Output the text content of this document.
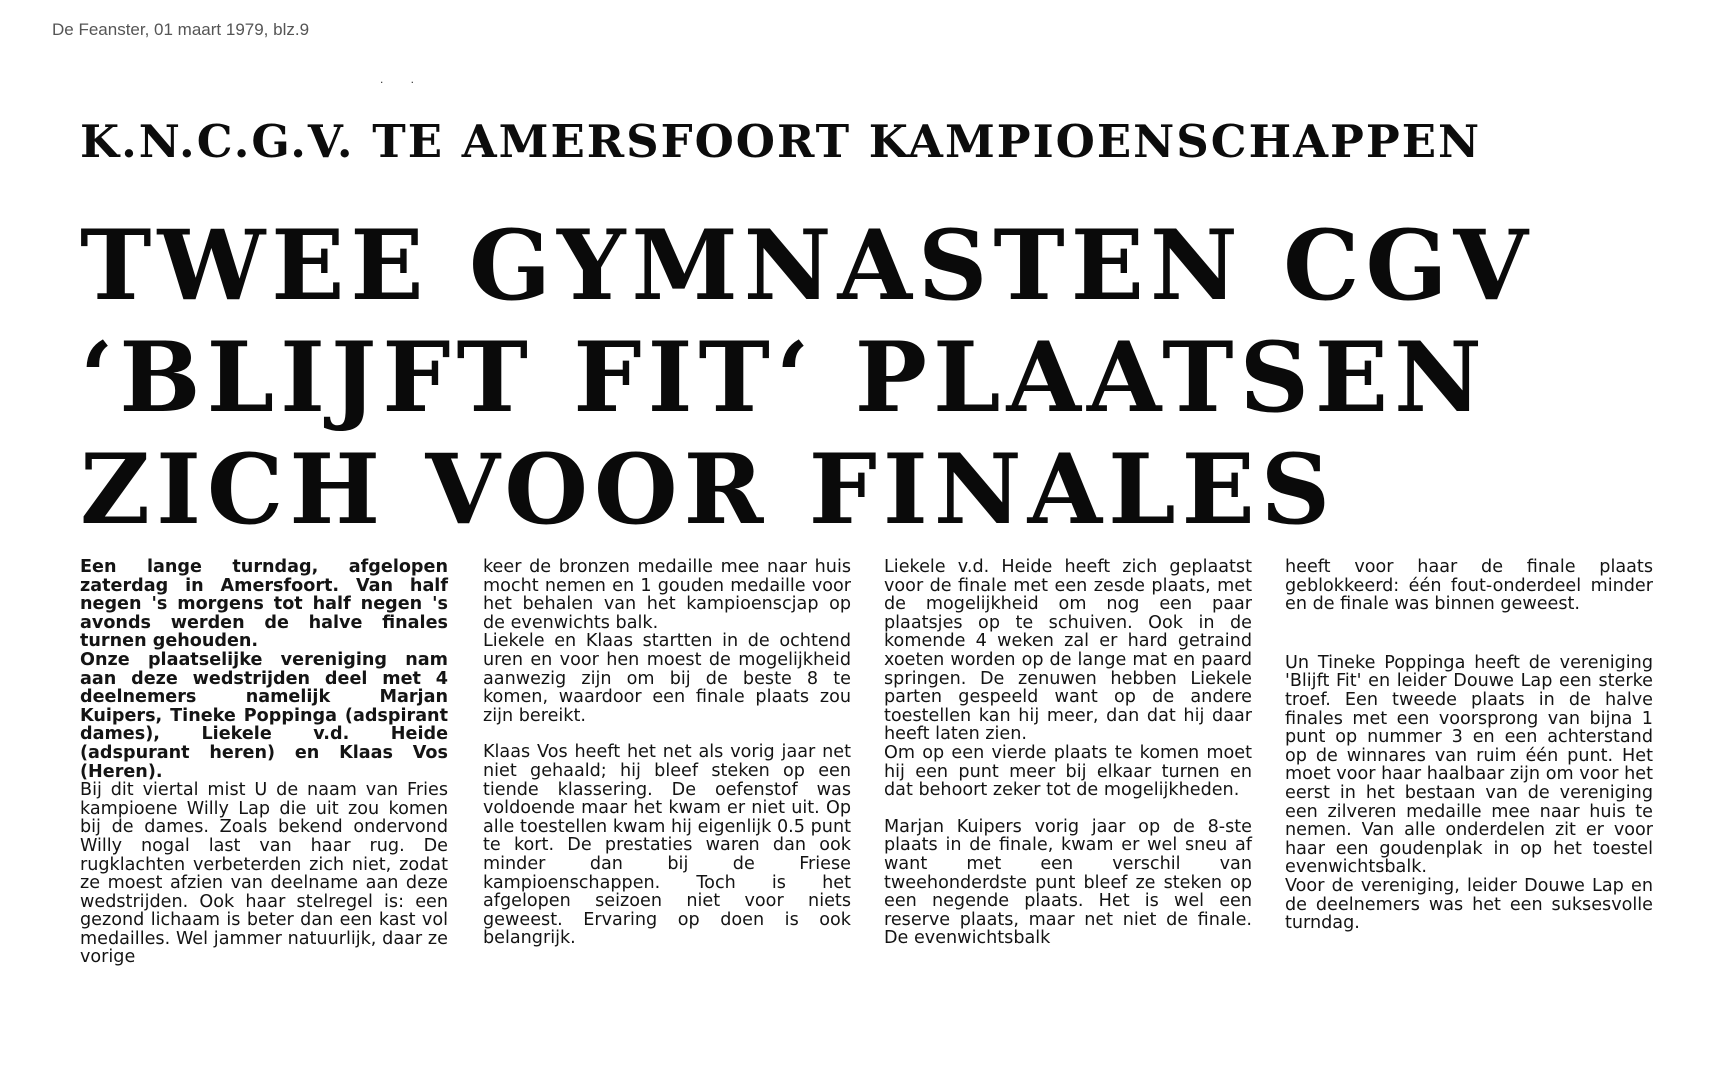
De Feanster, 01 maart 1979, blz.9
. .
K.N.C.G.V. TE AMERSFOORT KAMPIOENSCHAPPEN
TWEE GYMNASTEN CGV
‘BLIJFT FIT‘ PLAATSEN
ZICH VOOR FINALES

Een lange turndag, afgelopen zaterdag in Amersfoort. Van half negen 's morgens tot half negen 's avonds werden de halve finales turnen gehouden.

Onze plaatselijke vereniging nam aan deze wedstrijden deel met 4 deelnemers namelijk Marjan Kuipers, Tineke Poppinga (adspirant dames), Liekele v.d. Heide (adspurant heren) en Klaas Vos (Heren).

Bij dit viertal mist U de naam van Fries kampioene Willy Lap die uit zou komen bij de dames. Zoals bekend ondervond Willy nogal last van haar rug. De rugklachten verbeterden zich niet, zodat ze moest afzien van deelname aan deze wedstrijden. Ook haar stelregel is: een gezond lichaam is beter dan een kast vol medailles. Wel jammer natuurlijk, daar ze vorige

keer de bronzen medaille mee naar huis mocht nemen en 1 gouden medaille voor het behalen van het kampioenscjap op de evenwichts balk.

Liekele en Klaas startten in de ochtend uren en voor hen moest de mogelijkheid aanwezig zijn om bij de beste 8 te komen, waardoor een finale plaats zou zijn bereikt.

Klaas Vos heeft het net als vorig jaar net niet gehaald; hij bleef steken op een tiende klassering. De oefenstof was voldoende maar het kwam er niet uit. Op alle toestellen kwam hij eigenlijk 0.5 punt te kort. De prestaties waren dan ook minder dan bij de Friese kampioenschappen. Toch is het afgelopen seizoen niet voor niets geweest. Ervaring op doen is ook belangrijk.

Liekele v.d. Heide heeft zich geplaatst voor de finale met een zesde plaats, met de mogelijkheid om nog een paar plaatsjes op te schuiven. Ook in de komende 4 weken zal er hard getraind xoeten worden op de lange mat en paard springen. De zenuwen hebben Liekele parten gespeeld want op de andere toestellen kan hij meer, dan dat hij daar heeft laten zien.

Om op een vierde plaats te komen moet hij een punt meer bij elkaar turnen en dat behoort zeker tot de mogelijkheden.

Marjan Kuipers vorig jaar op de 8-ste plaats in de finale, kwam er wel sneu af want met een verschil van tweehonderdste punt bleef ze steken op een negende plaats. Het is wel een reserve plaats, maar net niet de finale. De evenwichtsbalk

heeft voor haar de finale plaats geblokkeerd: één fout-onderdeel minder en de finale was binnen geweest.

Un Tineke Poppinga heeft de vereniging 'Blijft Fit' en leider Douwe Lap een sterke troef. Een tweede plaats in de halve finales met een voorsprong van bijna 1 punt op nummer 3 en een achterstand op de winnares van ruim één punt. Het moet voor haar haalbaar zijn om voor het eerst in het bestaan van de vereniging een zilveren medaille mee naar huis te nemen. Van alle onderdelen zit er voor haar een goudenplak in op het toestel evenwichtsbalk.

Voor de vereniging, leider Douwe Lap en de deelnemers was het een suksesvolle turndag.
